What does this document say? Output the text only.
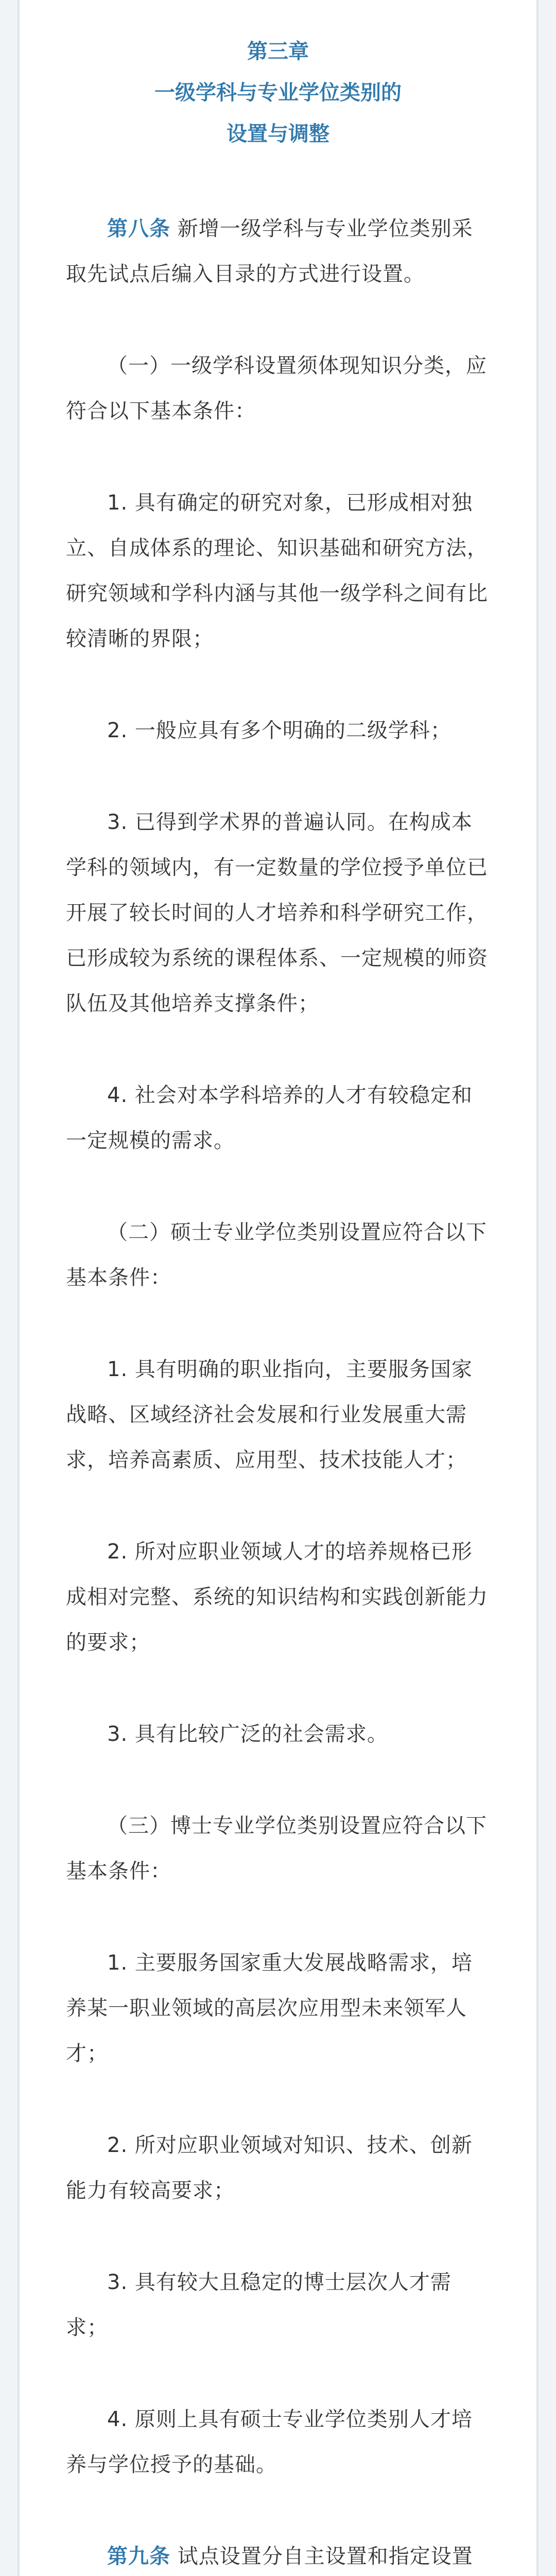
第三章
一级学科与专业学位类别的
设置与调整

第八条 新增一级学科与专业学位类别采取先试点后编入目录的方式进行设置。

（一）一级学科设置须体现知识分类，应符合以下基本条件：

1. 具有确定的研究对象，已形成相对独立、自成体系的理论、知识基础和研究方法，研究领域和学科内涵与其他一级学科之间有比较清晰的界限；

2. 一般应具有多个明确的二级学科；

3. 已得到学术界的普遍认同。在构成本学科的领域内，有一定数量的学位授予单位已开展了较长时间的人才培养和科学研究工作，已形成较为系统的课程体系、一定规模的师资队伍及其他培养支撑条件；

4. 社会对本学科培养的人才有较稳定和一定规模的需求。

（二）硕士专业学位类别设置应符合以下基本条件：

1. 具有明确的职业指向，主要服务国家战略、区域经济社会发展和行业发展重大需求，培养高素质、应用型、技术技能人才；

2. 所对应职业领域人才的培养规格已形成相对完整、系统的知识结构和实践创新能力的要求；

3. 具有比较广泛的社会需求。

（三）博士专业学位类别设置应符合以下基本条件：

1. 主要服务国家重大发展战略需求，培养某一职业领域的高层次应用型未来领军人才；

2. 所对应职业领域对知识、技术、创新能力有较高要求；

3. 具有较大且稳定的博士层次人才需求；

4. 原则上具有硕士专业学位类别人才培养与学位授予的基础。

第九条 试点设置分自主设置和指定设置
